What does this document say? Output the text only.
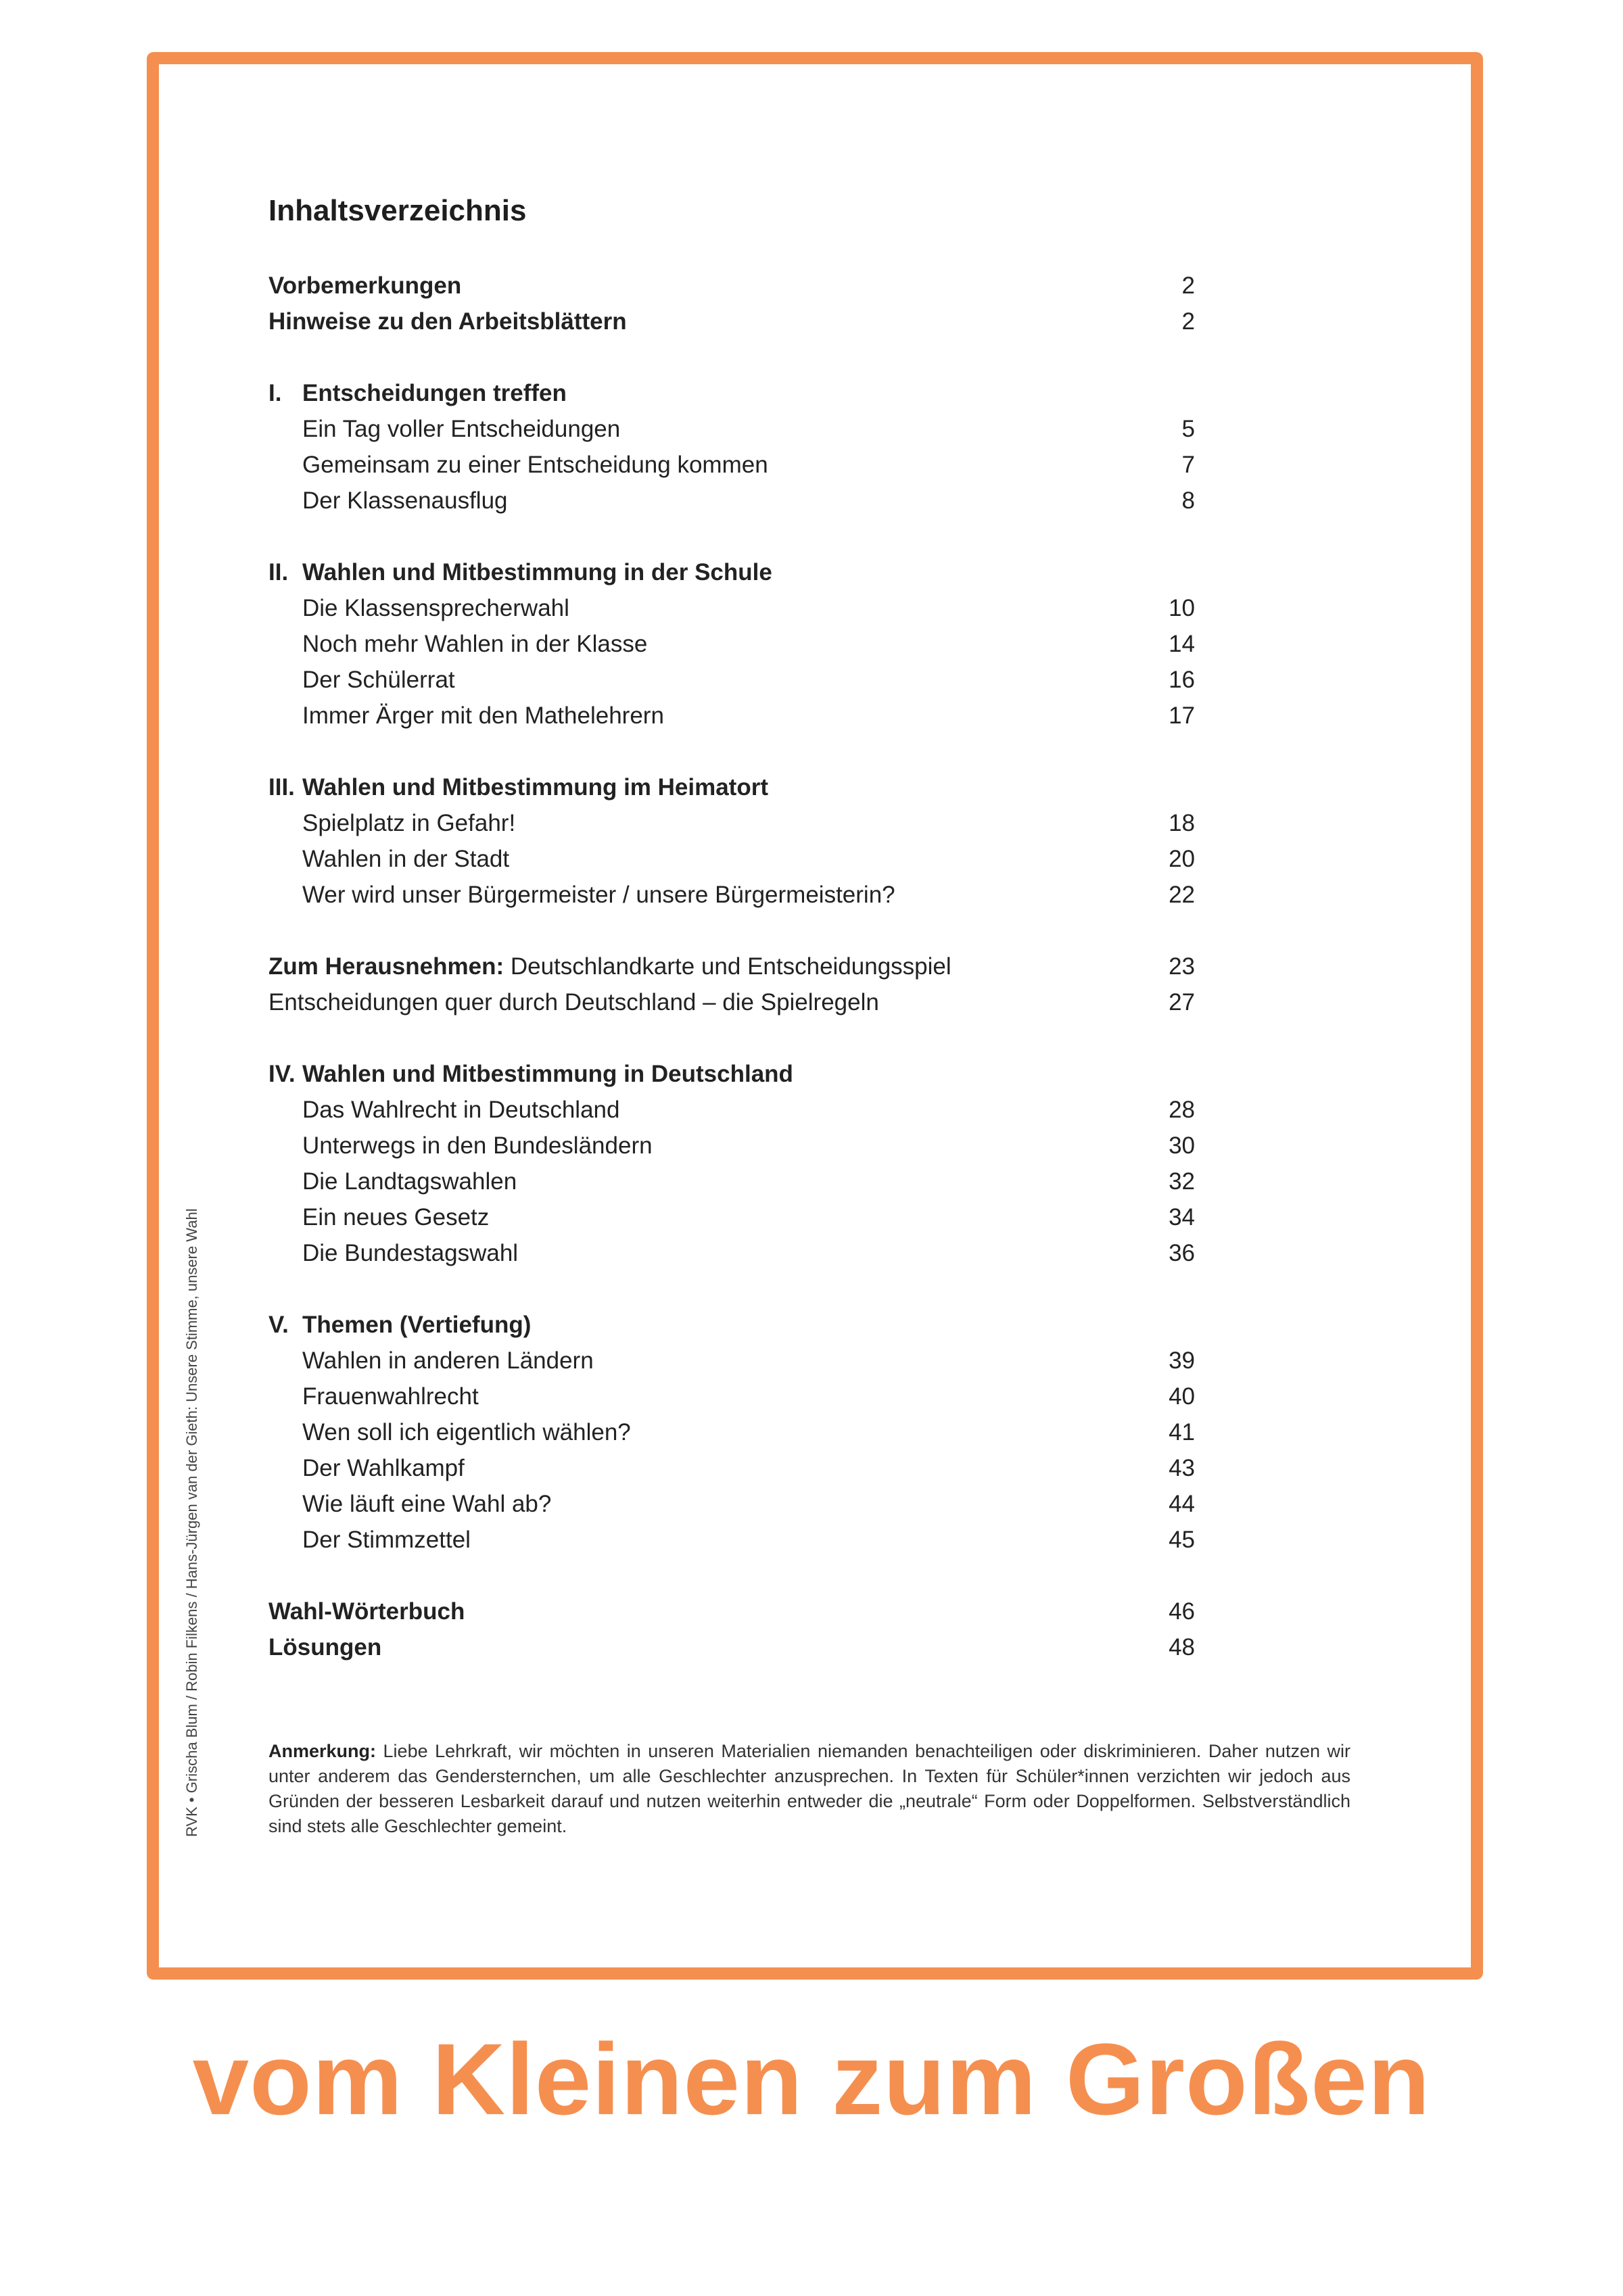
Inhaltsverzeichnis
Vorbemerkungen	2
Hinweise zu den Arbeitsblättern	2
I. Entscheidungen treffen
Ein Tag voller Entscheidungen	5
Gemeinsam zu einer Entscheidung kommen	7
Der Klassenausflug	8
II. Wahlen und Mitbestimmung in der Schule
Die Klassensprecherwahl	10
Noch mehr Wahlen in der Klasse	14
Der Schülerrat	16
Immer Ärger mit den Mathelehrern	17
III. Wahlen und Mitbestimmung im Heimatort
Spielplatz in Gefahr!	18
Wahlen in der Stadt	20
Wer wird unser Bürgermeister / unsere Bürgermeisterin?	22
Zum Herausnehmen: Deutschlandkarte und Entscheidungsspiel	23
Entscheidungen quer durch Deutschland – die Spielregeln	27
IV. Wahlen und Mitbestimmung in Deutschland
Das Wahlrecht in Deutschland	28
Unterwegs in den Bundesländern	30
Die Landtagswahlen	32
Ein neues Gesetz	34
Die Bundestagswahl	36
V. Themen (Vertiefung)
Wahlen in anderen Ländern	39
Frauenwahlrecht	40
Wen soll ich eigentlich wählen?	41
Der Wahlkampf	43
Wie läuft eine Wahl ab?	44
Der Stimmzettel	45
Wahl-Wörterbuch	46
Lösungen	48
Anmerkung: Liebe Lehrkraft, wir möchten in unseren Materialien niemanden benachteiligen oder diskriminieren. Daher nutzen wir unter anderem das Gendersternchen, um alle Geschlechter anzusprechen. In Texten für Schüler*innen verzichten wir jedoch aus Gründen der besseren Lesbarkeit darauf und nutzen weiterhin entweder die „neutrale“ Form oder Doppelformen. Selbstverständlich sind stets alle Geschlechter gemeint.
RVK • Grischa Blum / Robin Filkens / Hans-Jürgen van der Gieth: Unsere Stimme, unsere Wahl
vom Kleinen zum Großen
